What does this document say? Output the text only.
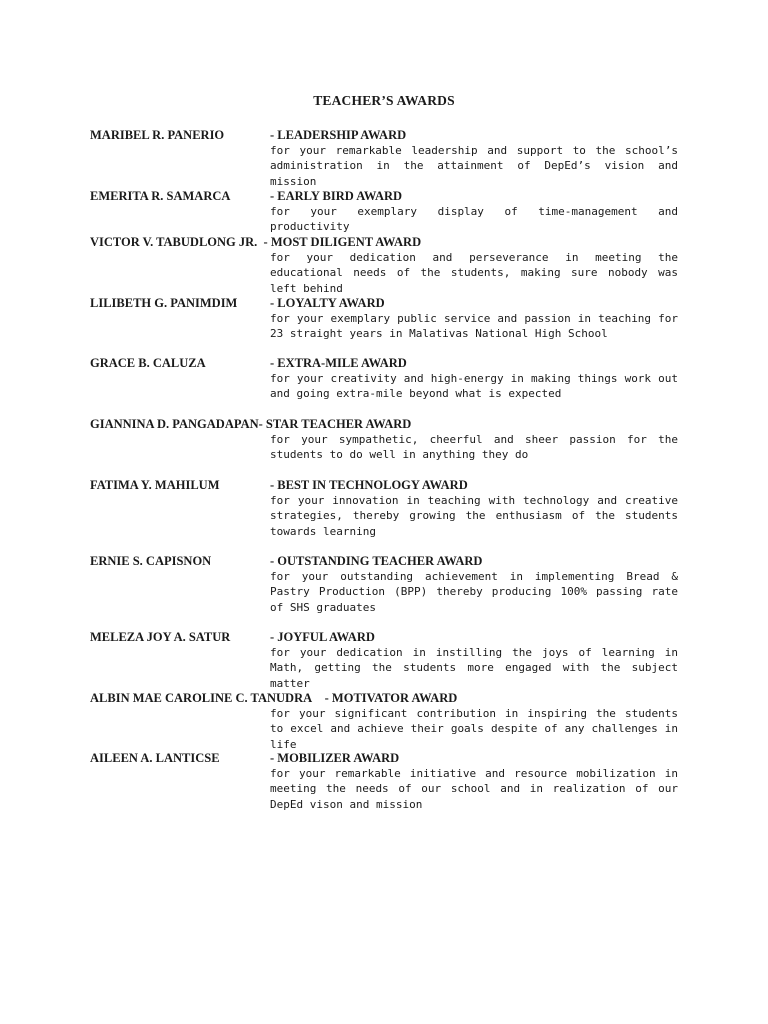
TEACHER’S AWARDS
MARIBEL R. PANERIO	- LEADERSHIP AWARD
for your remarkable leadership and support to the school’s administration in the attainment of DepEd’s vision and mission
EMERITA R. SAMARCA	- EARLY BIRD AWARD
for your exemplary display of time-management and productivity
VICTOR V. TABUDLONG JR. - MOST DILIGENT AWARD
for your dedication and perseverance in meeting the educational needs of the students, making sure nobody was left behind
LILIBETH G. PANIMDIM	- LOYALTY AWARD
for your exemplary public service and passion in teaching for 23 straight years in Malativas National High School
GRACE B. CALUZA	- EXTRA-MILE AWARD
for your creativity and high-energy in making things work out and going extra-mile beyond what is expected
GIANNINA D. PANGADAPAN- STAR TEACHER AWARD
for your sympathetic, cheerful and sheer passion for the students to do well in anything they do
FATIMA Y. MAHILUM	- BEST IN TECHNOLOGY AWARD
for your innovation in teaching with technology and creative strategies, thereby growing the enthusiasm of the students towards learning
ERNIE S. CAPISNON	- OUTSTANDING TEACHER AWARD
for your outstanding achievement in implementing Bread & Pastry Production (BPP) thereby producing 100% passing rate of SHS graduates
MELEZA JOY A. SATUR	- JOYFUL AWARD
for your dedication in instilling the joys of learning in Math, getting the students more engaged with the subject matter
ALBIN MAE CAROLINE C. TANUDRA - MOTIVATOR AWARD
for your significant contribution in inspiring the students to excel and achieve their goals despite of any challenges in life
AILEEN A. LANTICSE	- MOBILIZER AWARD
for your remarkable initiative and resource mobilization in meeting the needs of our school and in realization of our DepEd vison and mission
